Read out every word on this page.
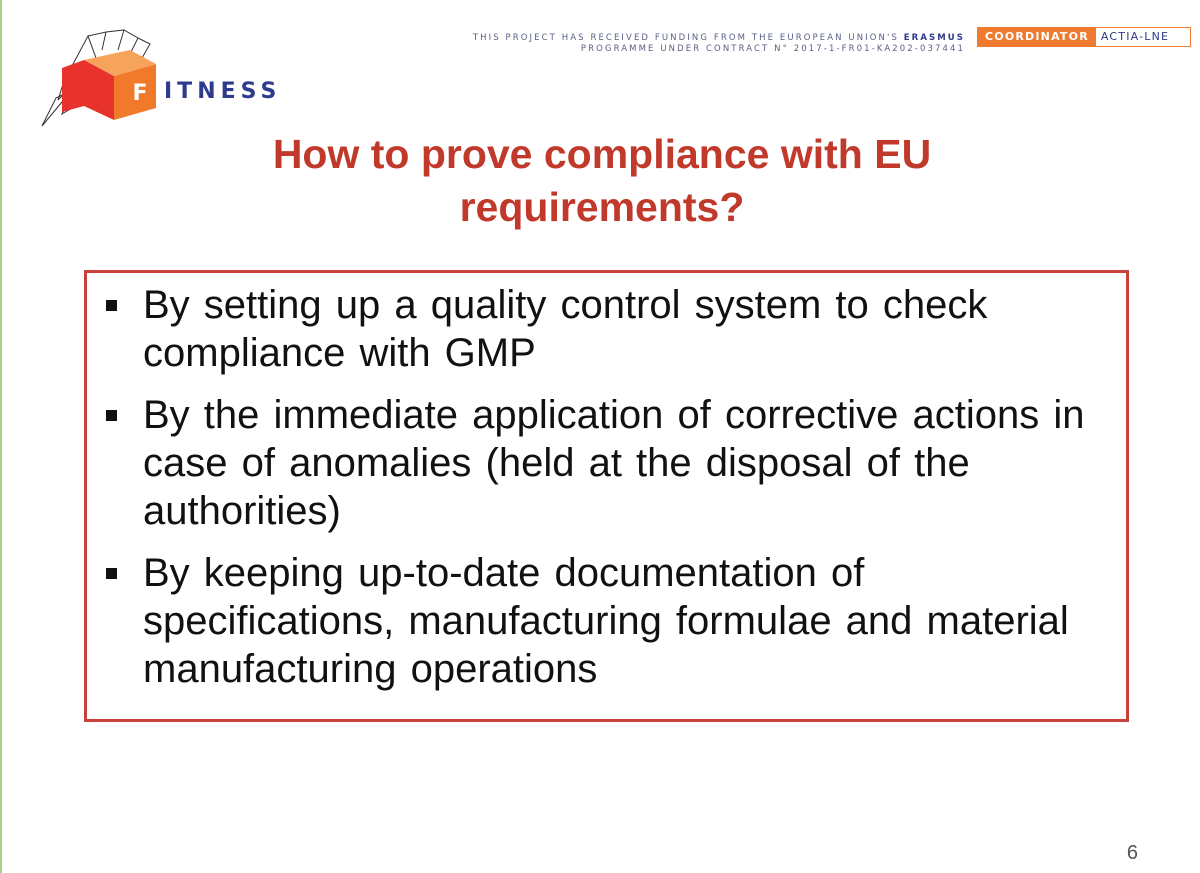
F ITNESS
THIS PROJECT HAS RECEIVED FUNDING FROM THE EUROPEAN UNION'S ERASMUS
PROGRAMME UNDER CONTRACT N° 2017-1-FR01-KA202-037441
COORDINATOR	ACTIA-LNE
How to prove compliance with EU requirements?
By setting up a quality control system to check compliance with GMP
By the immediate application of corrective actions in case of anomalies (held at the disposal of the authorities)
By keeping up-to-date documentation of specifications, manufacturing formulae and material manufacturing operations
6
